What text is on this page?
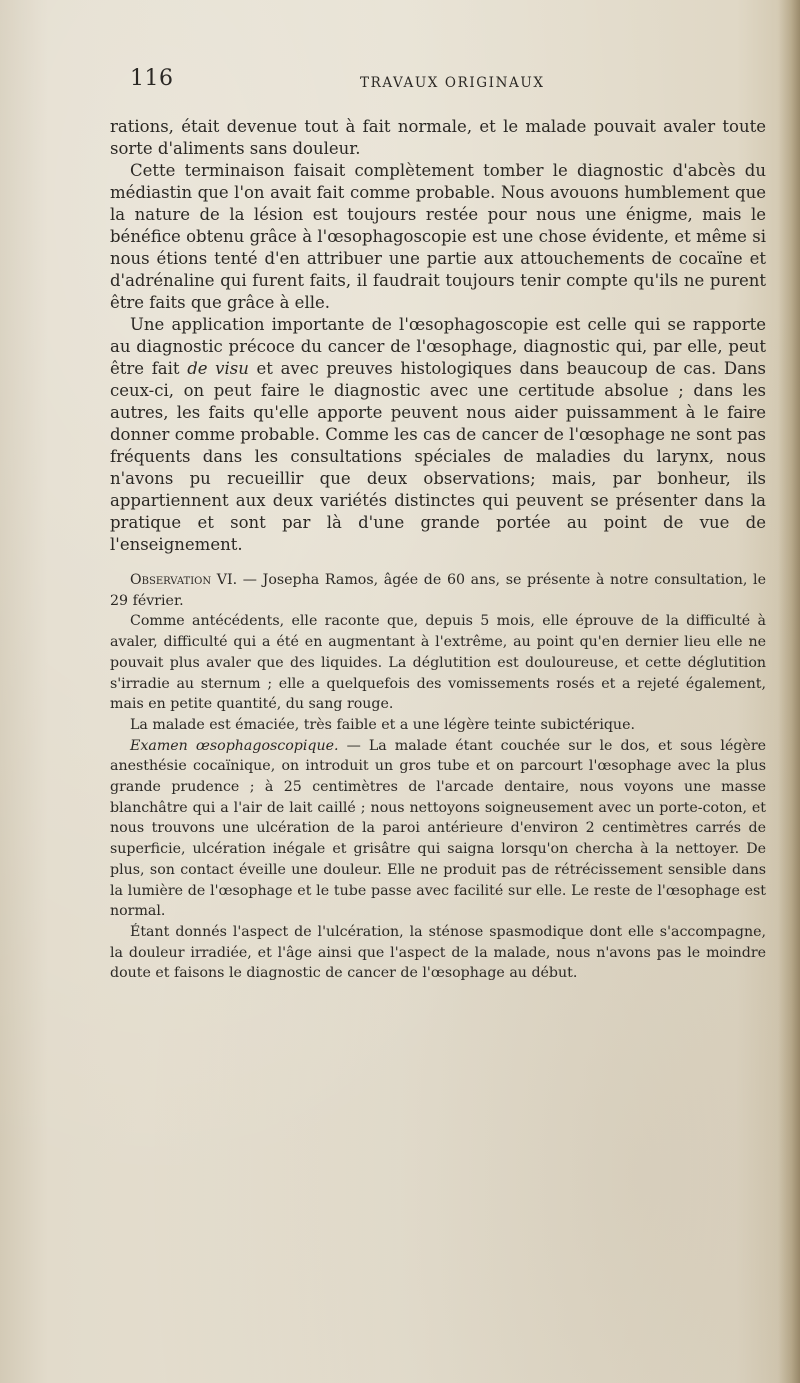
116	TRAVAUX ORIGINAUX

rations, était devenue tout à fait normale, et le malade pouvait avaler toute sorte d'aliments sans douleur.

Cette terminaison faisait complètement tomber le diagnostic d'abcès du médiastin que l'on avait fait comme probable. Nous avouons humblement que la nature de la lésion est toujours restée pour nous une énigme, mais le bénéfice obtenu grâce à l'œsophagoscopie est une chose évidente, et même si nous étions tenté d'en attribuer une partie aux attouchements de cocaïne et d'adrénaline qui furent faits, il faudrait toujours tenir compte qu'ils ne purent être faits que grâce à elle.

Une application importante de l'œsophagoscopie est celle qui se rapporte au diagnostic précoce du cancer de l'œsophage, diagnostic qui, par elle, peut être fait de visu et avec preuves histologiques dans beaucoup de cas. Dans ceux-ci, on peut faire le diagnostic avec une certitude absolue ; dans les autres, les faits qu'elle apporte peuvent nous aider puissamment à le faire donner comme probable. Comme les cas de cancer de l'œsophage ne sont pas fréquents dans les consultations spéciales de maladies du larynx, nous n'avons pu recueillir que deux observations; mais, par bonheur, ils appartiennent aux deux variétés distinctes qui peuvent se présenter dans la pratique et sont par là d'une grande portée au point de vue de l'enseignement.

Observation VI. — Josepha Ramos, âgée de 60 ans, se présente à notre consultation, le 29 février.

Comme antécédents, elle raconte que, depuis 5 mois, elle éprouve de la difficulté à avaler, difficulté qui a été en augmentant à l'extrême, au point qu'en dernier lieu elle ne pouvait plus avaler que des liquides. La déglutition est douloureuse, et cette déglutition s'irradie au sternum ; elle a quelquefois des vomissements rosés et a rejeté également, mais en petite quantité, du sang rouge.

La malade est émaciée, très faible et a une légère teinte subictérique.

Examen œsophagoscopique. — La malade étant couchée sur le dos, et sous légère anesthésie cocaïnique, on introduit un gros tube et on parcourt l'œsophage avec la plus grande prudence ; à 25 centimètres de l'arcade dentaire, nous voyons une masse blanchâtre qui a l'air de lait caillé ; nous nettoyons soigneusement avec un porte-coton, et nous trouvons une ulcération de la paroi antérieure d'environ 2 centimètres carrés de superficie, ulcération inégale et grisâtre qui saigna lorsqu'on chercha à la nettoyer. De plus, son contact éveille une douleur. Elle ne produit pas de rétrécissement sensible dans la lumière de l'œsophage et le tube passe avec facilité sur elle. Le reste de l'œsophage est normal.

Étant donnés l'aspect de l'ulcération, la sténose spasmodique dont elle s'accompagne, la douleur irradiée, et l'âge ainsi que l'aspect de la malade, nous n'avons pas le moindre doute et faisons le diagnostic de cancer de l'œsophage au début.
